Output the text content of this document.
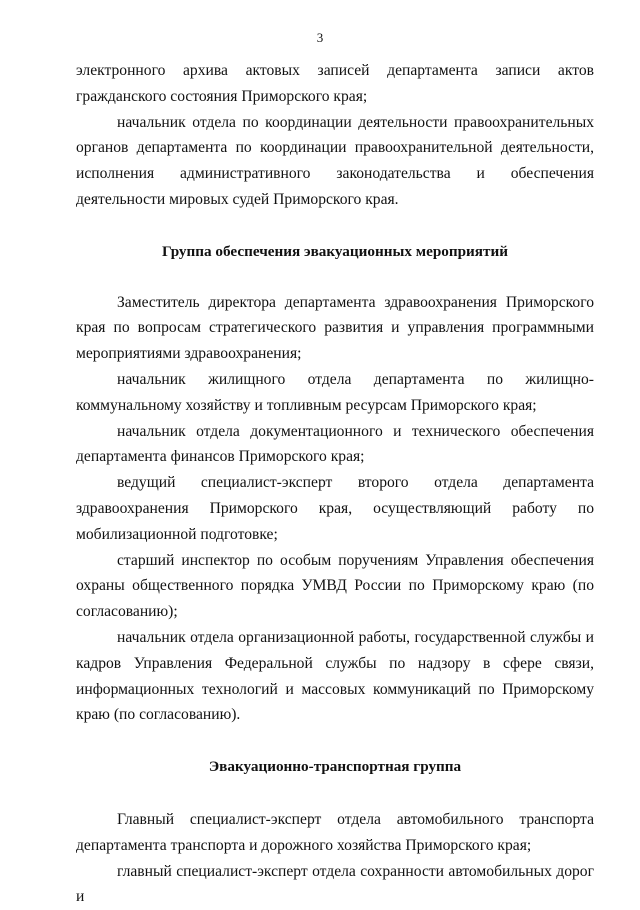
3

электронного архива актовых записей департамента записи актов гражданского состояния Приморского края;

начальник отдела по координации деятельности правоохранительных органов департамента по координации правоохранительной деятельности, исполнения административного законодательства и обеспечения деятельности мировых судей Приморского края.

Группа обеспечения эвакуационных мероприятий

Заместитель директора департамента здравоохранения Приморского края по вопросам стратегического развития и управления программными мероприятиями здравоохранения;

начальник жилищного отдела департамента по жилищно-коммунальному хозяйству и топливным ресурсам Приморского края;

начальник отдела документационного и технического обеспечения департамента финансов Приморского края;

ведущий специалист-эксперт второго отдела департамента здравоохранения Приморского края, осуществляющий работу по мобилизационной подготовке;

старший инспектор по особым поручениям Управления обеспечения охраны общественного порядка УМВД России по Приморскому краю (по согласованию);

начальник отдела организационной работы, государственной службы и кадров Управления Федеральной службы по надзору в сфере связи, информационных технологий и массовых коммуникаций по Приморскому краю (по согласованию).

Эвакуационно-транспортная группа

Главный специалист-эксперт отдела автомобильного транспорта департамента транспорта и дорожного хозяйства Приморского края;

главный специалист-эксперт отдела сохранности автомобильных дорог и
